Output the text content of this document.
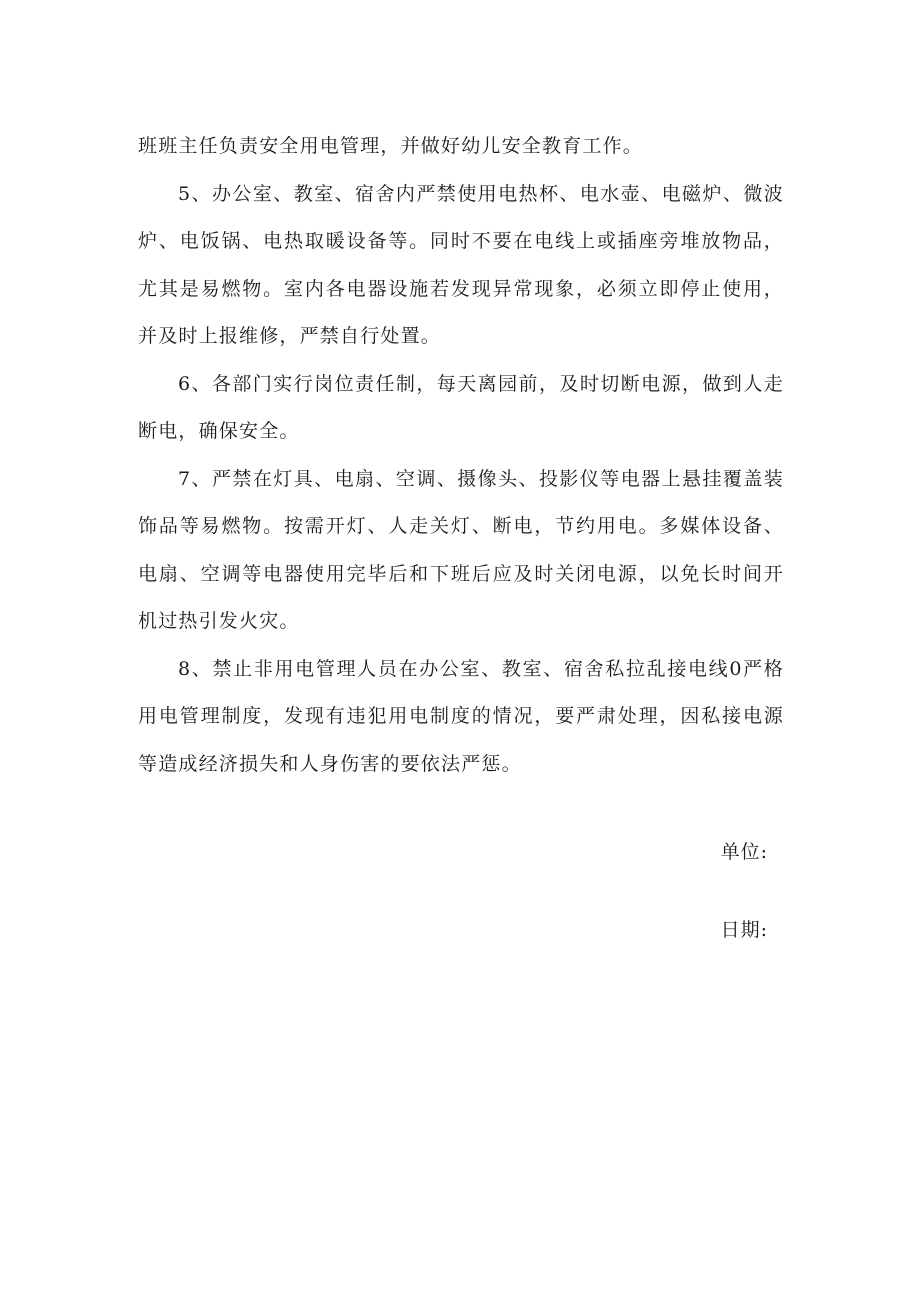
班班主任负责安全用电管理，并做好幼儿安全教育工作。

5、办公室、教室、宿舍内严禁使用电热杯、电水壶、电磁炉、微波炉、电饭锅、电热取暖设备等。同时不要在电线上或插座旁堆放物品，尤其是易燃物。室内各电器设施若发现异常现象，必须立即停止使用，并及时上报维修，严禁自行处置。

6、各部门实行岗位责任制，每天离园前，及时切断电源，做到人走断电，确保安全。

7、严禁在灯具、电扇、空调、摄像头、投影仪等电器上悬挂覆盖装饰品等易燃物。按需开灯、人走关灯、断电，节约用电。多媒体设备、电扇、空调等电器使用完毕后和下班后应及时关闭电源，以免长时间开机过热引发火灾。

8、禁止非用电管理人员在办公室、教室、宿舍私拉乱接电线0严格用电管理制度，发现有违犯用电制度的情况，要严肃处理，因私接电源等造成经济损失和人身伤害的要依法严惩。

单位:
日期:
